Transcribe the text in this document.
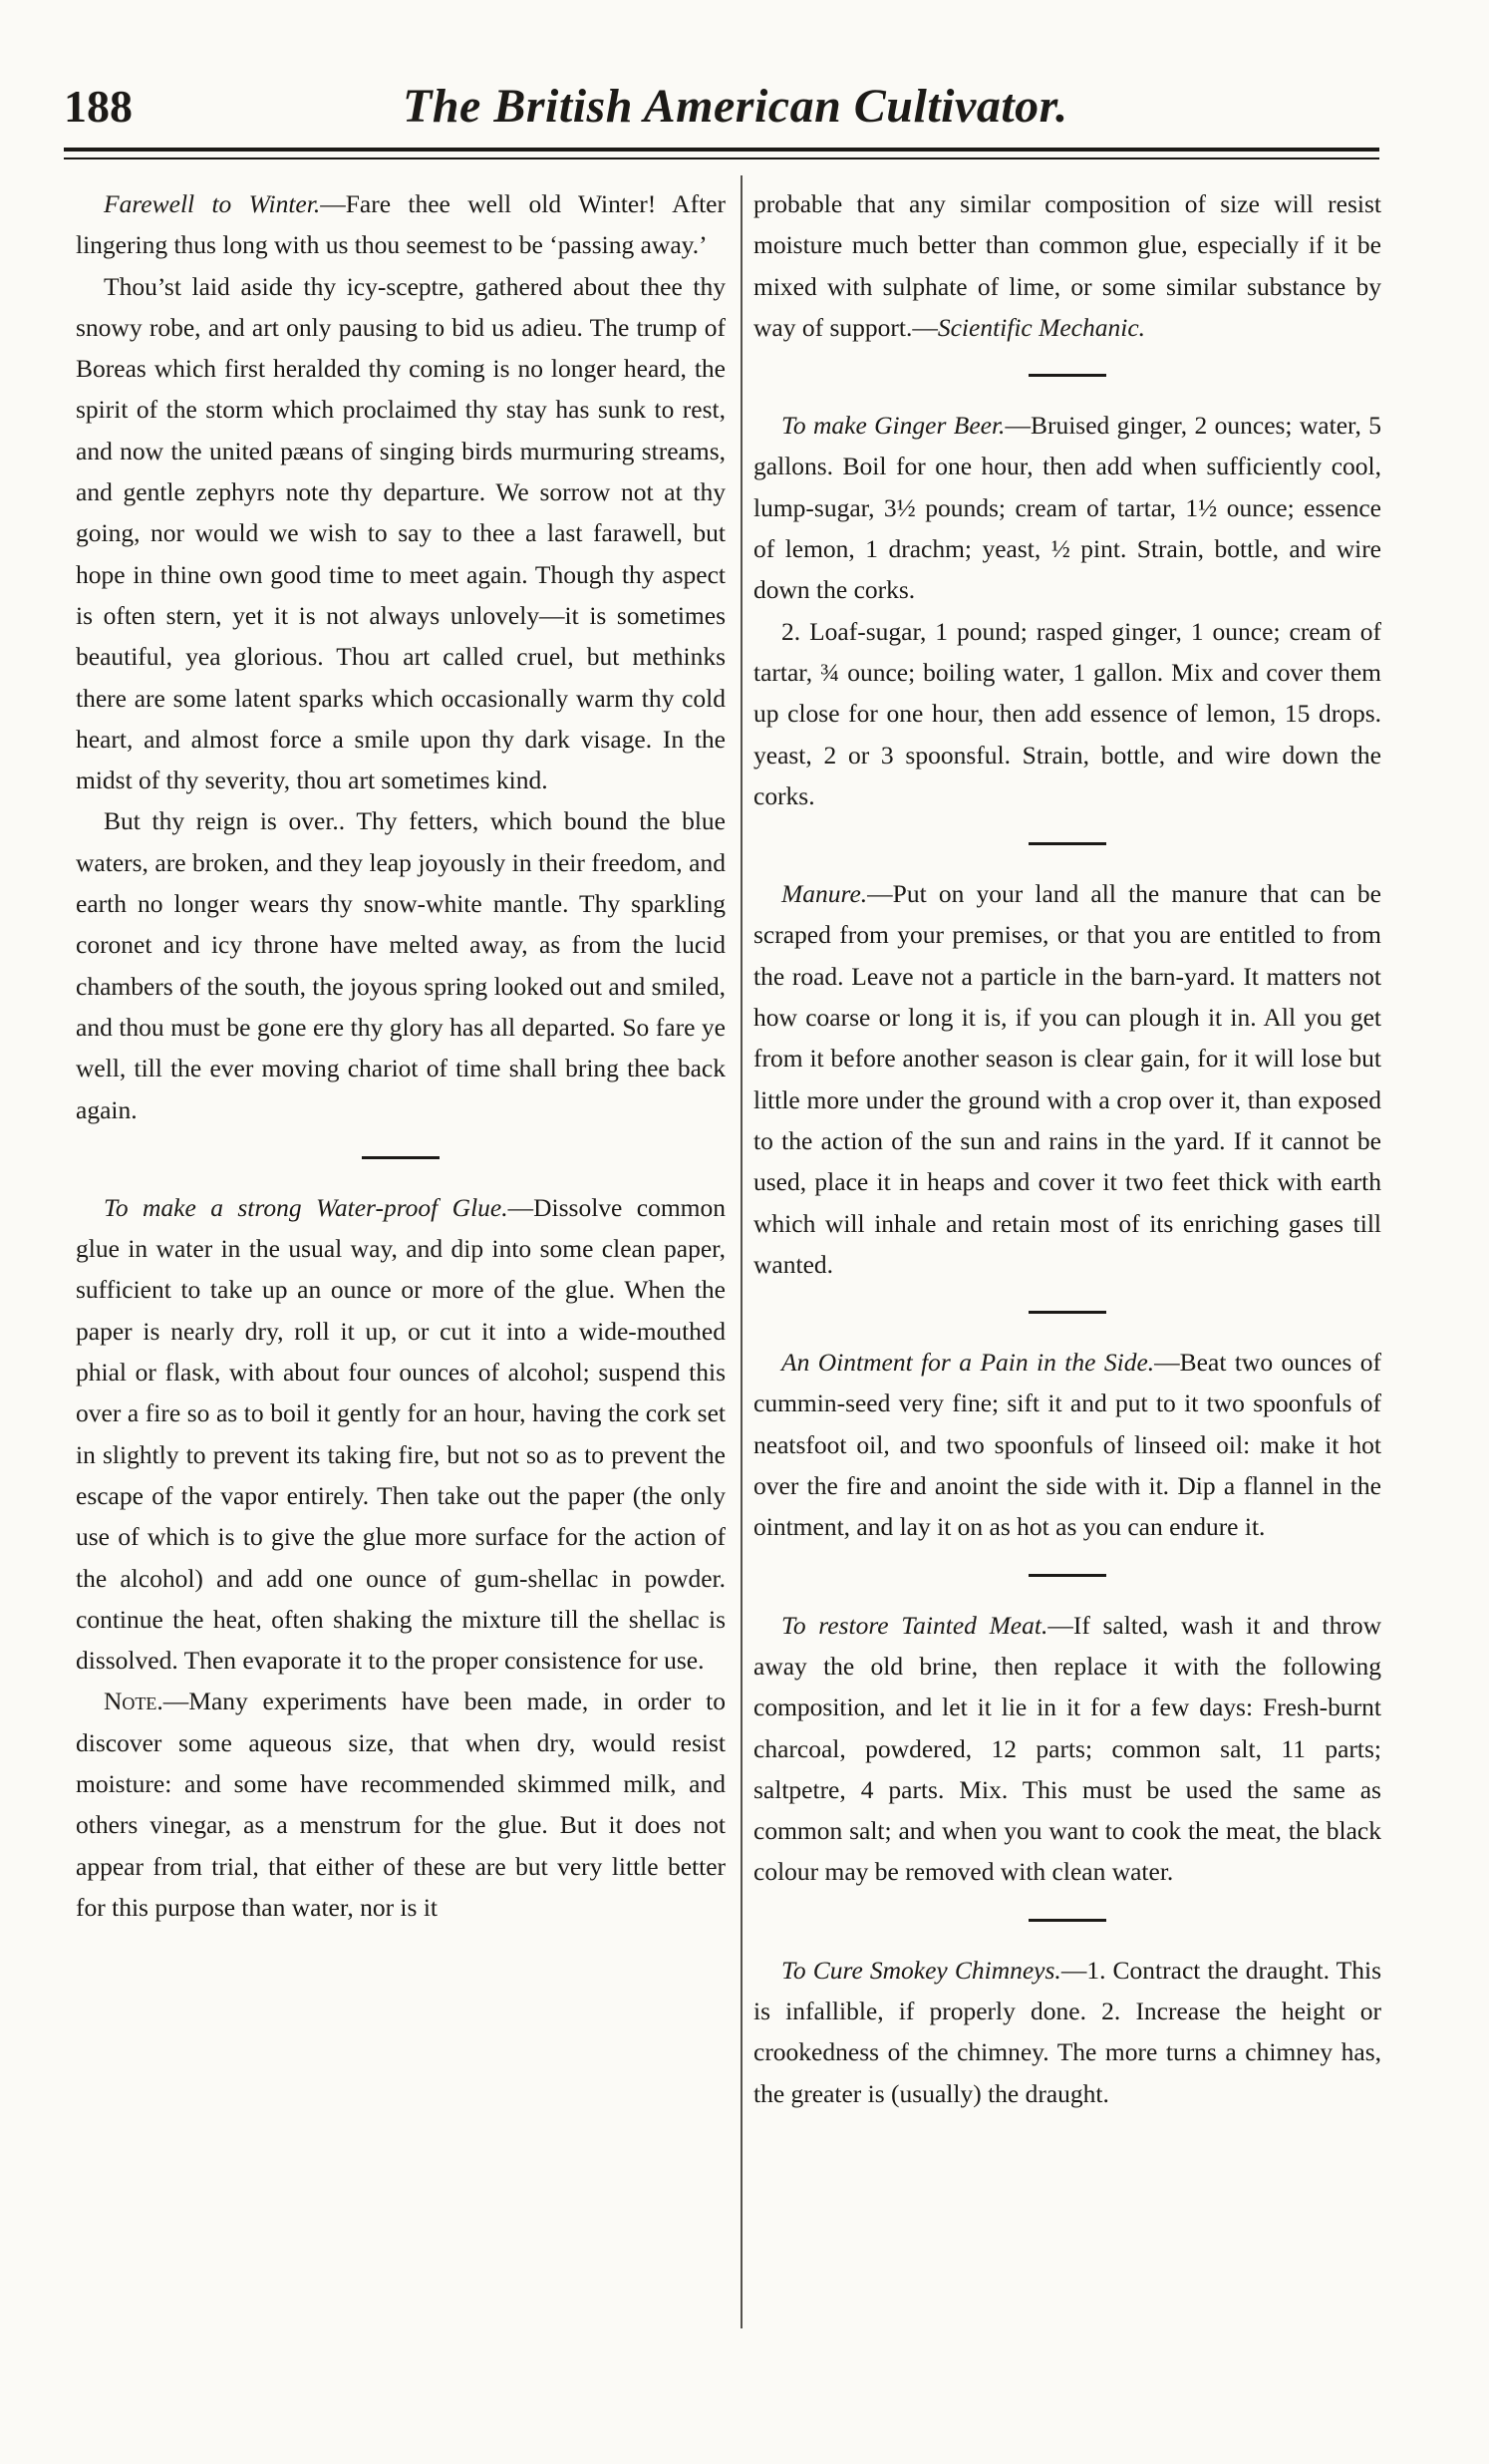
188	The British American Cultivator.

Farewell to Winter.—Fare thee well old Winter! After lingering thus long with us thou seemest to be ‘passing away.’

Thou’st laid aside thy icy-sceptre, gathered about thee thy snowy robe, and art only pausing to bid us adieu. The trump of Boreas which first heralded thy coming is no longer heard, the spirit of the storm which proclaimed thy stay has sunk to rest, and now the united pæans of singing birds murmuring streams, and gentle zephyrs note thy departure. We sorrow not at thy going, nor would we wish to say to thee a last farawell, but hope in thine own good time to meet again. Though thy aspect is often stern, yet it is not always unlovely—it is sometimes beautiful, yea glorious. Thou art called cruel, but methinks there are some latent sparks which occasionally warm thy cold heart, and almost force a smile upon thy dark visage. In the midst of thy severity, thou art sometimes kind.

But thy reign is over.. Thy fetters, which bound the blue waters, are broken, and they leap joyously in their freedom, and earth no longer wears thy snow-white mantle. Thy sparkling coronet and icy throne have melted away, as from the lucid chambers of the south, the joyous spring looked out and smiled, and thou must be gone ere thy glory has all departed. So fare ye well, till the ever moving chariot of time shall bring thee back again.

To make a strong Water-proof Glue.—Dissolve common glue in water in the usual way, and dip into some clean paper, sufficient to take up an ounce or more of the glue. When the paper is nearly dry, roll it up, or cut it into a wide-mouthed phial or flask, with about four ounces of alcohol; suspend this over a fire so as to boil it gently for an hour, having the cork set in slightly to prevent its taking fire, but not so as to prevent the escape of the vapor entirely. Then take out the paper (the only use of which is to give the glue more surface for the action of the alcohol) and add one ounce of gum-shellac in powder. continue the heat, often shaking the mixture till the shellac is dissolved. Then evaporate it to the proper consistence for use.

Note.—Many experiments have been made, in order to discover some aqueous size, that when dry, would resist moisture: and some have recommended skimmed milk, and others vinegar, as a menstrum for the glue. But it does not appear from trial, that either of these are but very little better for this purpose than water, nor is it

probable that any similar composition of size will resist moisture much better than common glue, especially if it be mixed with sulphate of lime, or some similar substance by way of support.—Scientific Mechanic.

To make Ginger Beer.—Bruised ginger, 2 ounces; water, 5 gallons. Boil for one hour, then add when sufficiently cool, lump-sugar, 3½ pounds; cream of tartar, 1½ ounce; essence of lemon, 1 drachm; yeast, ½ pint. Strain, bottle, and wire down the corks.

2. Loaf-sugar, 1 pound; rasped ginger, 1 ounce; cream of tartar, ¾ ounce; boiling water, 1 gallon. Mix and cover them up close for one hour, then add essence of lemon, 15 drops. yeast, 2 or 3 spoonsful. Strain, bottle, and wire down the corks.

Manure.—Put on your land all the manure that can be scraped from your premises, or that you are entitled to from the road. Leave not a particle in the barn-yard. It matters not how coarse or long it is, if you can plough it in. All you get from it before another season is clear gain, for it will lose but little more under the ground with a crop over it, than exposed to the action of the sun and rains in the yard. If it cannot be used, place it in heaps and cover it two feet thick with earth which will inhale and retain most of its enriching gases till wanted.

An Ointment for a Pain in the Side.—Beat two ounces of cummin-seed very fine; sift it and put to it two spoonfuls of neatsfoot oil, and two spoonfuls of linseed oil: make it hot over the fire and anoint the side with it. Dip a flannel in the ointment, and lay it on as hot as you can endure it.

To restore Tainted Meat.—If salted, wash it and throw away the old brine, then replace it with the following composition, and let it lie in it for a few days: Fresh-burnt charcoal, powdered, 12 parts; common salt, 11 parts; saltpetre, 4 parts. Mix. This must be used the same as common salt; and when you want to cook the meat, the black colour may be removed with clean water.

To Cure Smokey Chimneys.—1. Contract the draught. This is infallible, if properly done. 2. Increase the height or crookedness of the chimney. The more turns a chimney has, the greater is (usually) the draught.
